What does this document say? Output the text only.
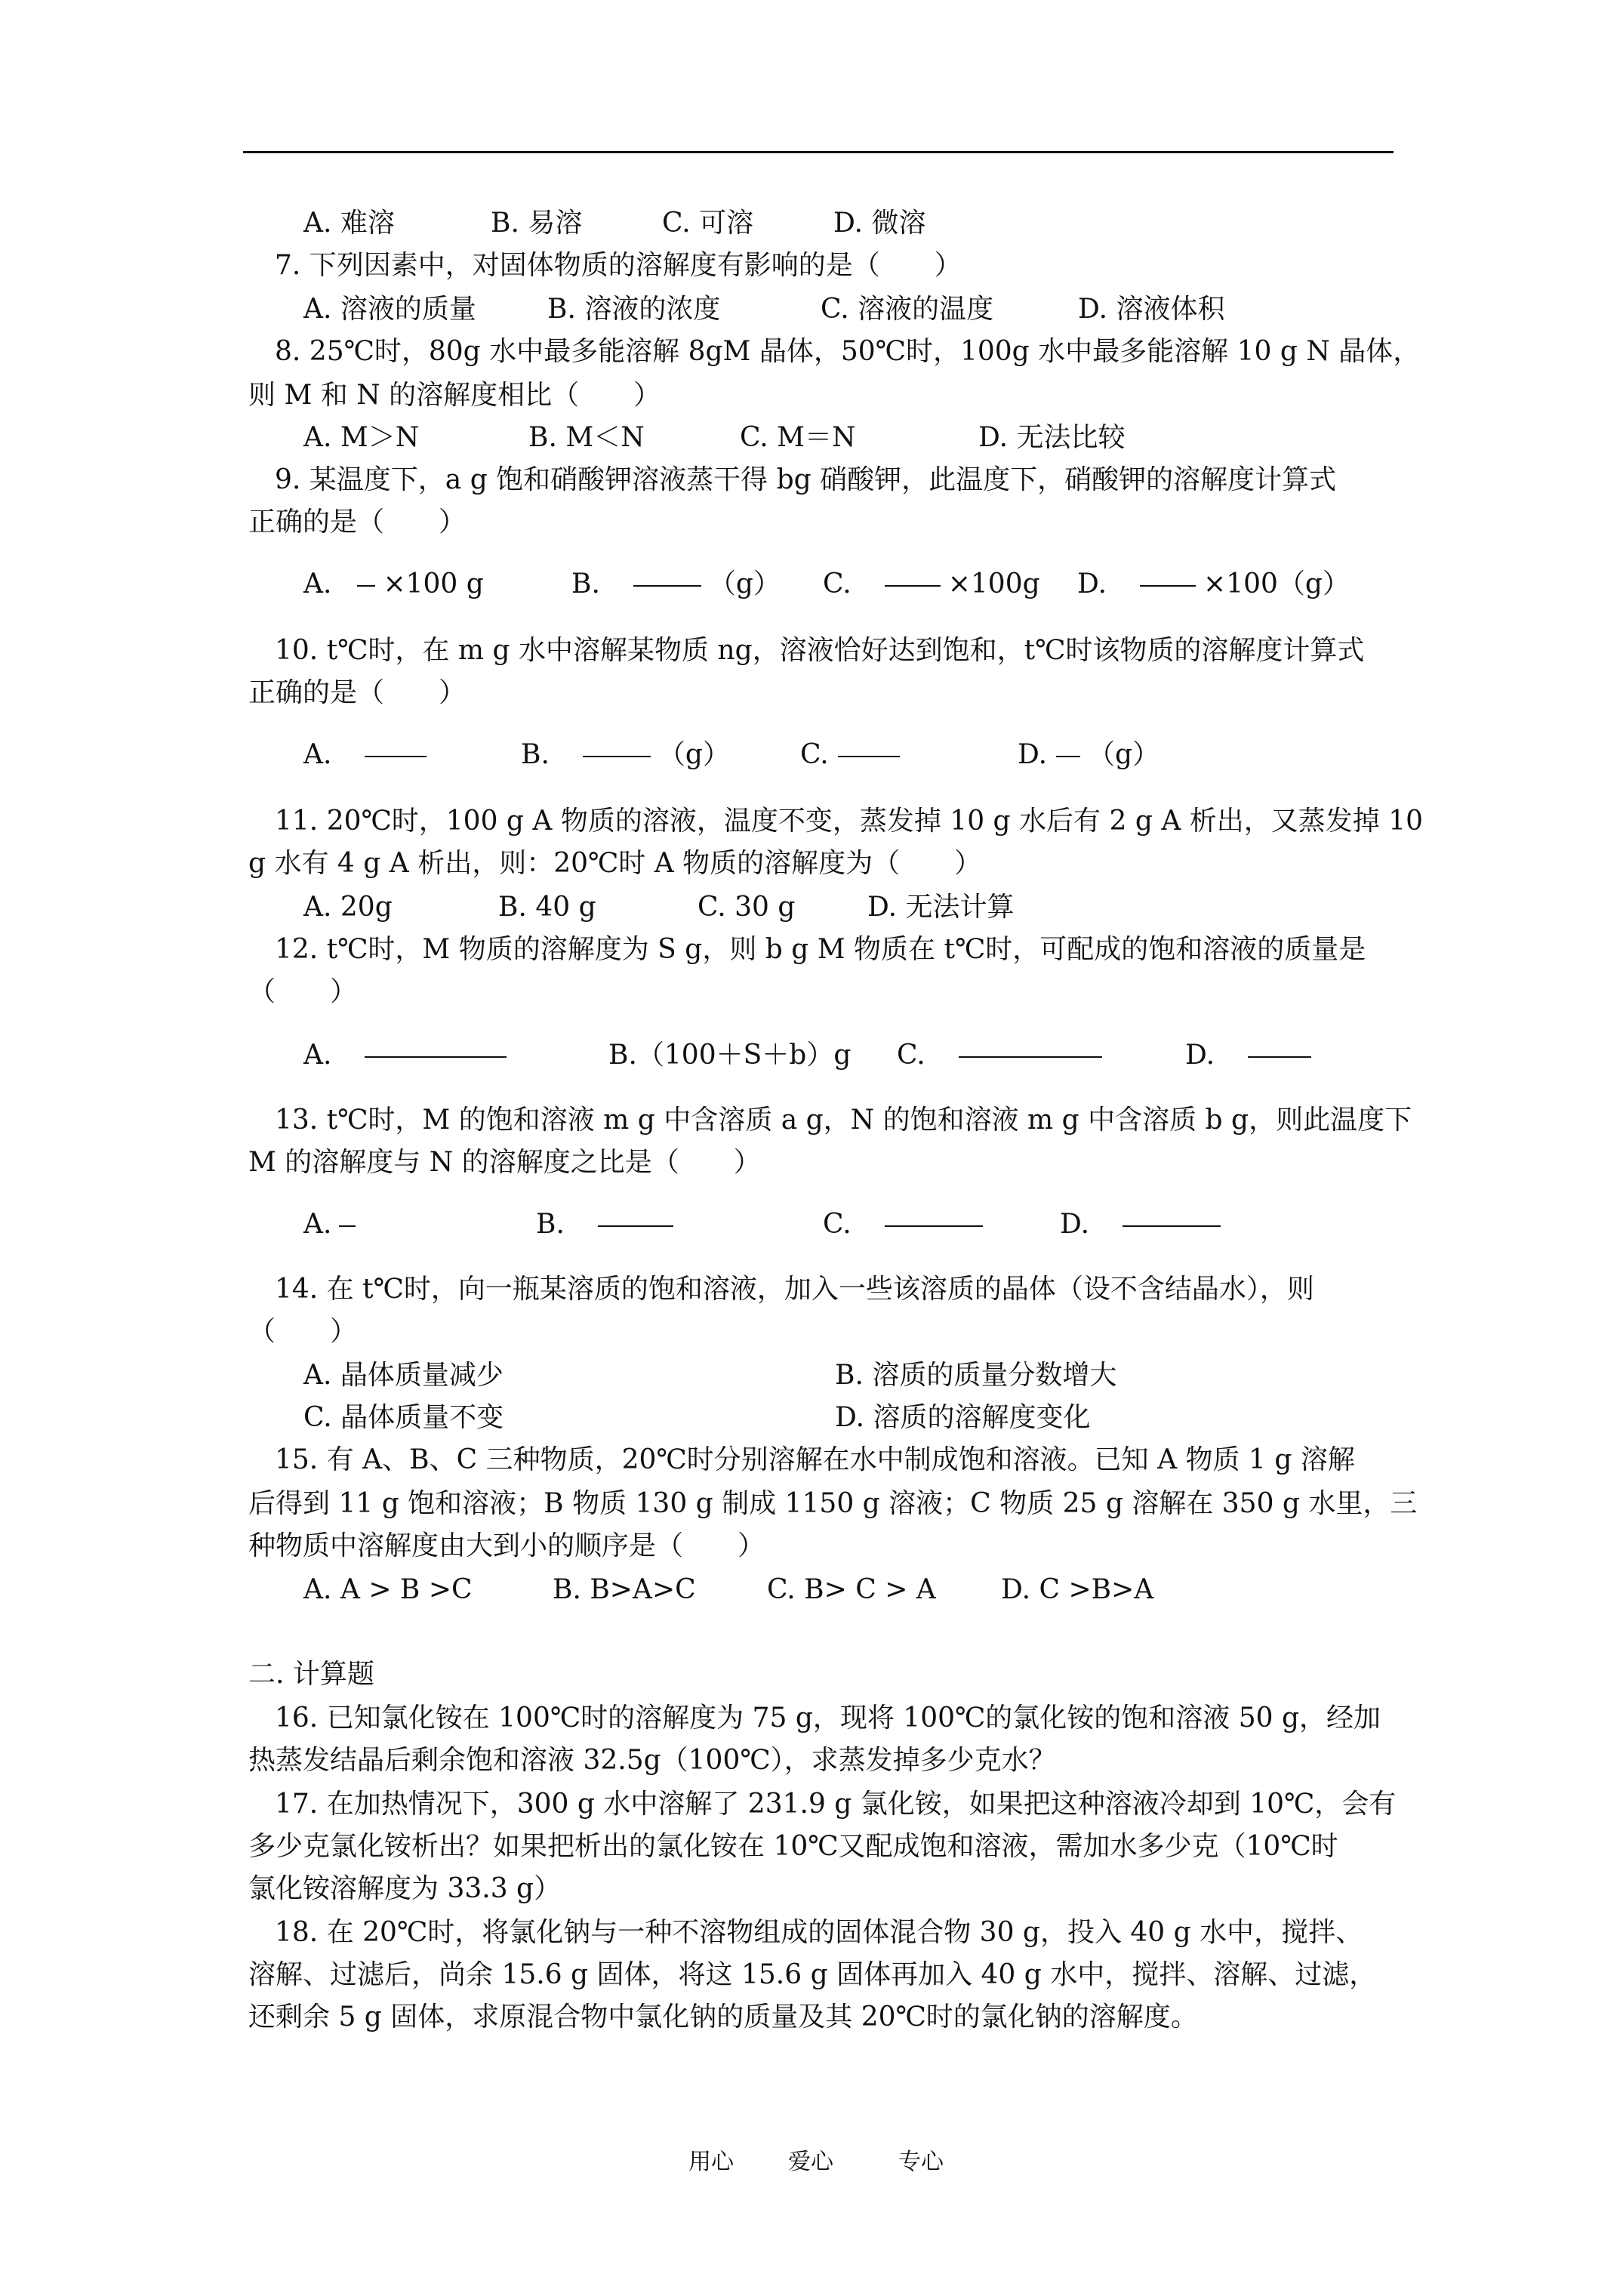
A. 难溶	B. 易溶	C. 可溶	D. 微溶
7. 下列因素中，对固体物质的溶解度有影响的是（　　）
A. 溶液的质量	B. 溶液的浓度	C. 溶液的温度	D. 溶液体积
8. 25℃时，80g 水中最多能溶解 8gM 晶体，50℃时，100g 水中最多能溶解 10 g N 晶体，
则 M 和 N 的溶解度相比（　　）
A. M＞N	B. M＜N	C. M＝N	D. 无法比较
9. 某温度下，a g 饱和硝酸钾溶液蒸干得 bg 硝酸钾，此温度下，硝酸钾的溶解度计算式
正确的是（　　）
A. ×100 g	B.	（g） C.	×100g D.	×100（g）
10. t℃时，在 m g 水中溶解某物质 ng，溶液恰好达到饱和，t℃时该物质的溶解度计算式
正确的是（　　）
A.	B.	（g）	C.	D. （g）
11. 20℃时，100 g A 物质的溶液，温度不变，蒸发掉 10 g 水后有 2 g A 析出，又蒸发掉 10
g 水有 4 g A 析出，则：20℃时 A 物质的溶解度为（　　）
A. 20g	B. 40 g	C. 30 g	D. 无法计算
12. t℃时，M 物质的溶解度为 S g，则 b g M 物质在 t℃时，可配成的饱和溶液的质量是
（　　）
A.	B.（100＋S＋b）g C.	D.
13. t℃时，M 的饱和溶液 m g 中含溶质 a g，N 的饱和溶液 m g 中含溶质 b g，则此温度下
M 的溶解度与 N 的溶解度之比是（　　）
A.	B.	C.	D.
14. 在 t℃时，向一瓶某溶质的饱和溶液，加入一些该溶质的晶体（设不含结晶水），则
（　　）
A. 晶体质量减少	B. 溶质的质量分数增大
C. 晶体质量不变	D. 溶质的溶解度变化
15. 有 A、B、C 三种物质，20℃时分别溶解在水中制成饱和溶液。已知 A 物质 1 g 溶解
后得到 11 g 饱和溶液；B 物质 130 g 制成 1150 g 溶液；C 物质 25 g 溶解在 350 g 水里，三
种物质中溶解度由大到小的顺序是（　　）
A. A > B >C	B. B>A>C	C. B> C > A D. C >B>A
二. 计算题
16. 已知氯化铵在 100℃时的溶解度为 75 g，现将 100℃的氯化铵的饱和溶液 50 g，经加
热蒸发结晶后剩余饱和溶液 32.5g（100℃），求蒸发掉多少克水？
17. 在加热情况下，300 g 水中溶解了 231.9 g 氯化铵，如果把这种溶液冷却到 10℃，会有
多少克氯化铵析出？如果把析出的氯化铵在 10℃又配成饱和溶液，需加水多少克（10℃时
氯化铵溶解度为 33.3 g）
18. 在 20℃时，将氯化钠与一种不溶物组成的固体混合物 30 g，投入 40 g 水中，搅拌、
溶解、过滤后，尚余 15.6 g 固体，将这 15.6 g 固体再加入 40 g 水中，搅拌、溶解、过滤，
还剩余 5 g 固体，求原混合物中氯化钠的质量及其 20℃时的氯化钠的溶解度。
用心 爱心	专心
